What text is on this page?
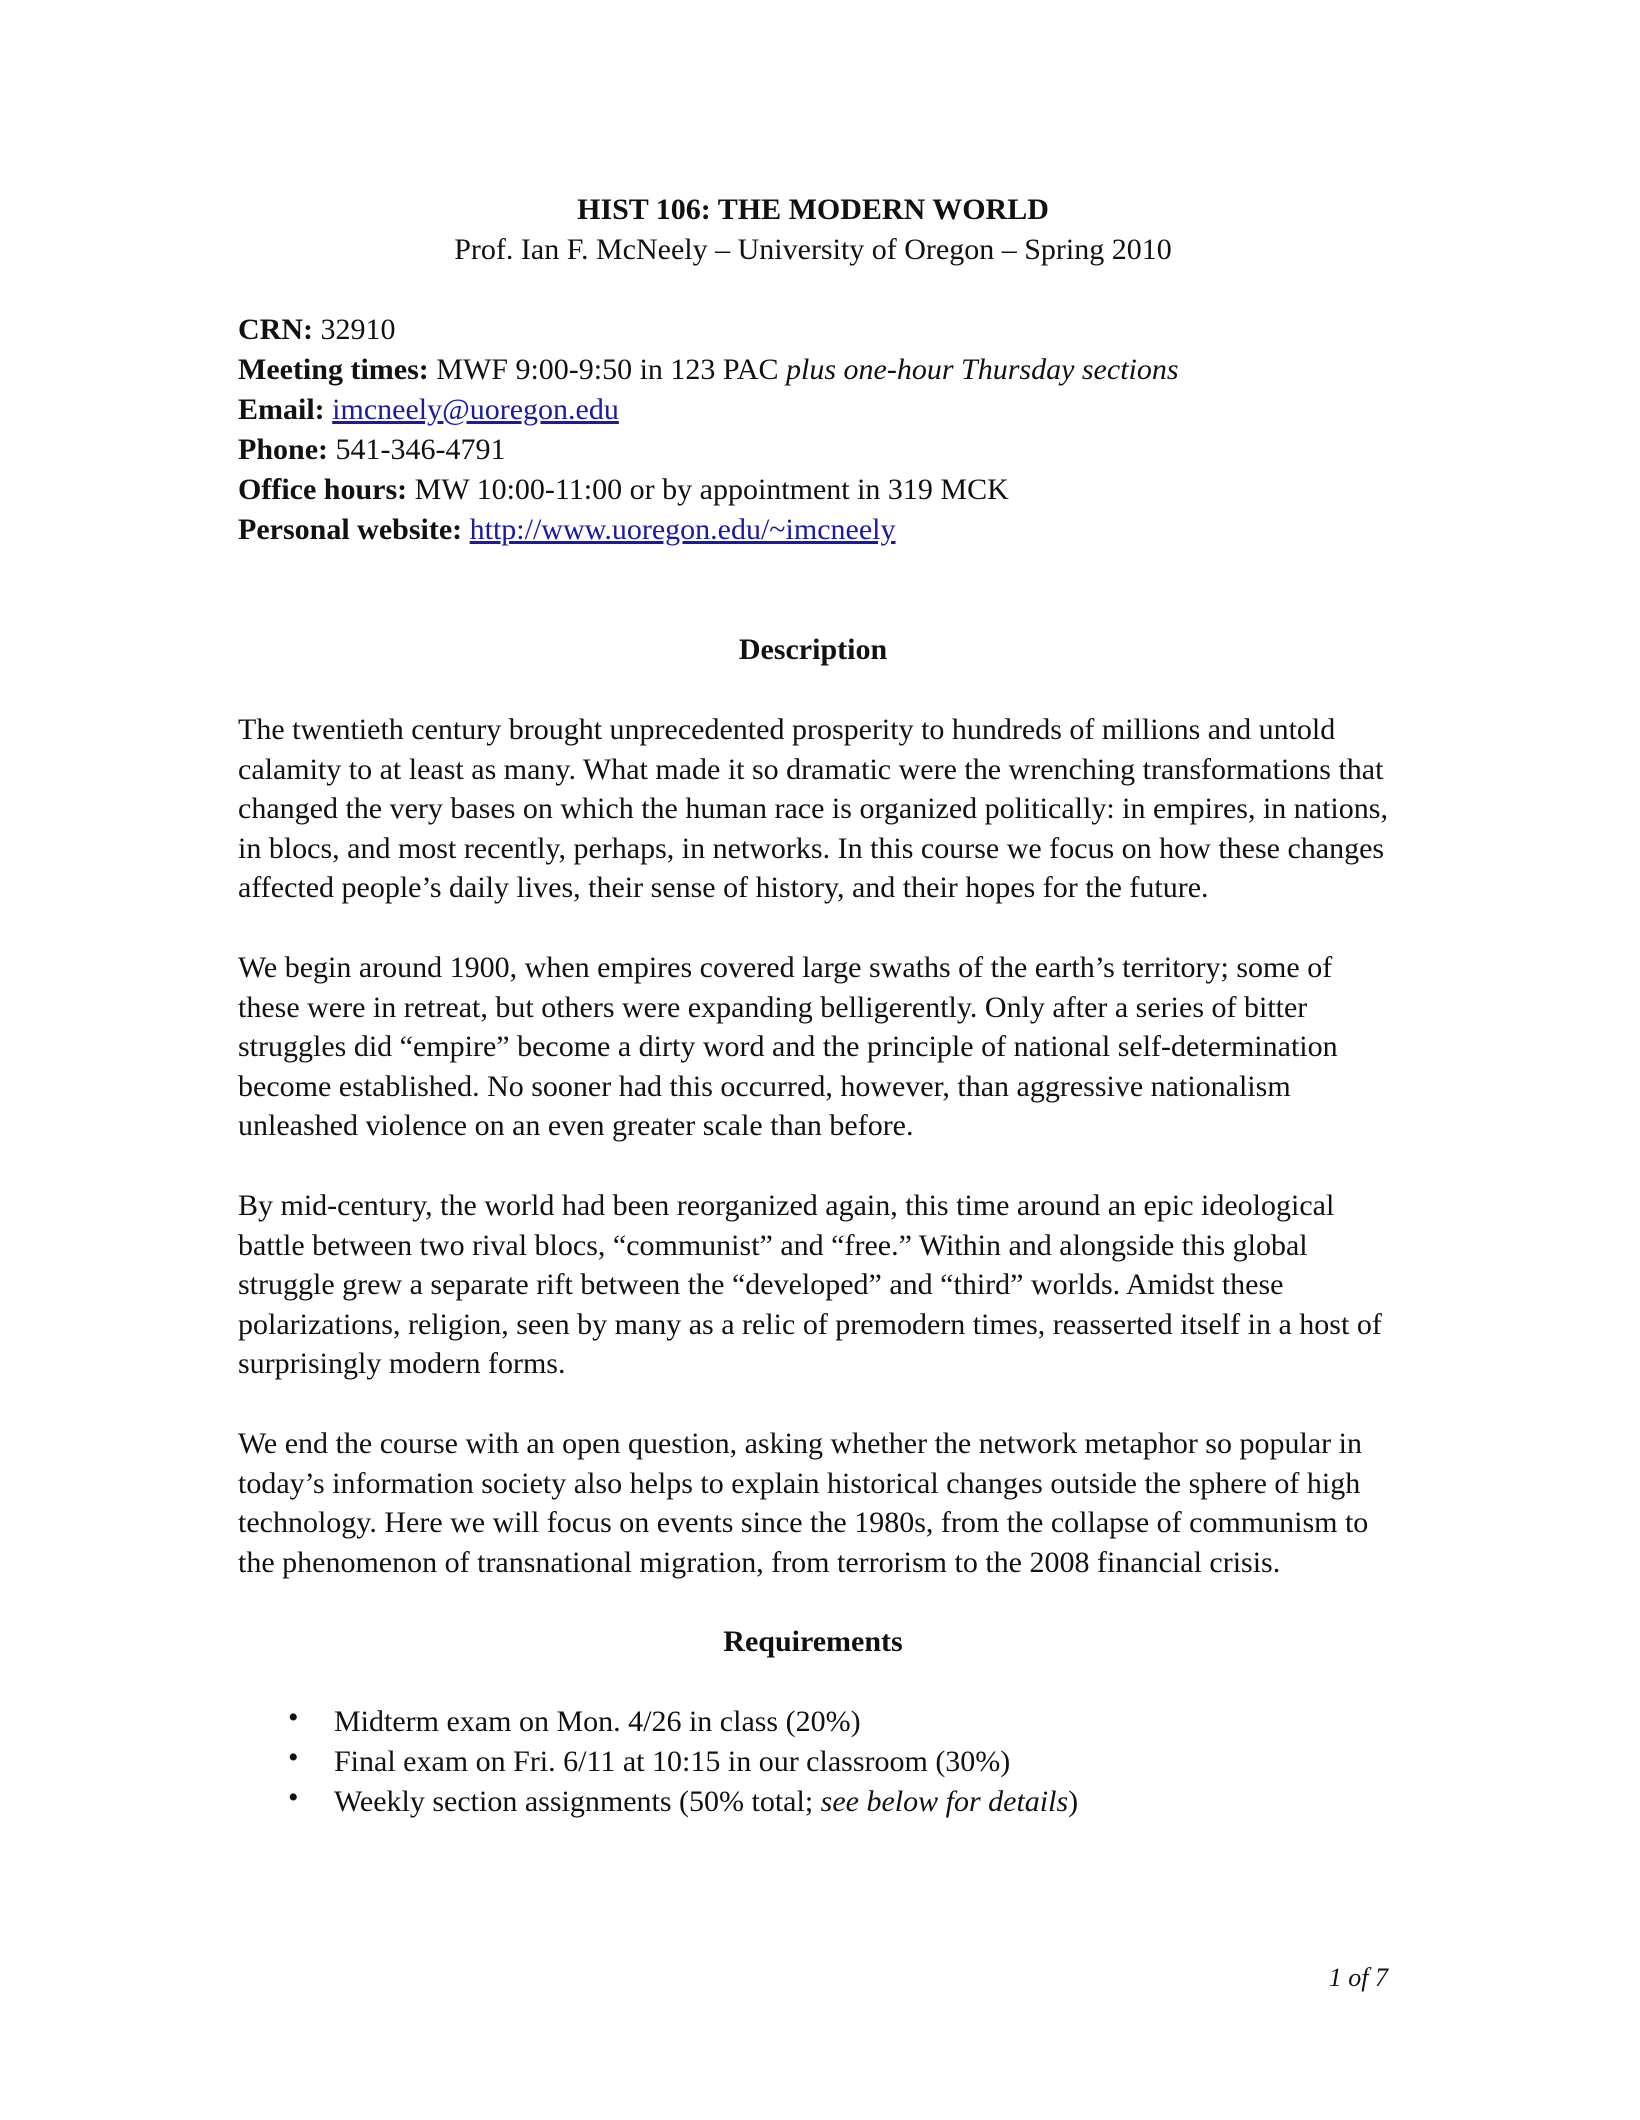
HIST 106: THE MODERN WORLD

Prof. Ian F. McNeely – University of Oregon – Spring 2010

CRN: 32910
Meeting times: MWF 9:00-9:50 in 123 PAC plus one-hour Thursday sections
Email: imcneely@uoregon.edu
Phone: 541-346-4791
Office hours: MW 10:00-11:00 or by appointment in 319 MCK
Personal website: http://www.uoregon.edu/~imcneely

Description

The twentieth century brought unprecedented prosperity to hundreds of millions and untold calamity to at least as many. What made it so dramatic were the wrenching transformations that changed the very bases on which the human race is organized politically: in empires, in nations, in blocs, and most recently, perhaps, in networks. In this course we focus on how these changes affected people’s daily lives, their sense of history, and their hopes for the future.

We begin around 1900, when empires covered large swaths of the earth’s territory; some of these were in retreat, but others were expanding belligerently. Only after a series of bitter struggles did “empire” become a dirty word and the principle of national self-determination become established. No sooner had this occurred, however, than aggressive nationalism unleashed violence on an even greater scale than before.

By mid-century, the world had been reorganized again, this time around an epic ideological battle between two rival blocs, “communist” and “free.” Within and alongside this global struggle grew a separate rift between the “developed” and “third” worlds. Amidst these polarizations, religion, seen by many as a relic of premodern times, reasserted itself in a host of surprisingly modern forms.

We end the course with an open question, asking whether the network metaphor so popular in today’s information society also helps to explain historical changes outside the sphere of high technology. Here we will focus on events since the 1980s, from the collapse of communism to the phenomenon of transnational migration, from terrorism to the 2008 financial crisis.

Requirements

• Midterm exam on Mon. 4/26 in class (20%)
• Final exam on Fri. 6/11 at 10:15 in our classroom (30%)
• Weekly section assignments (50% total; see below for details)
1 of 7
